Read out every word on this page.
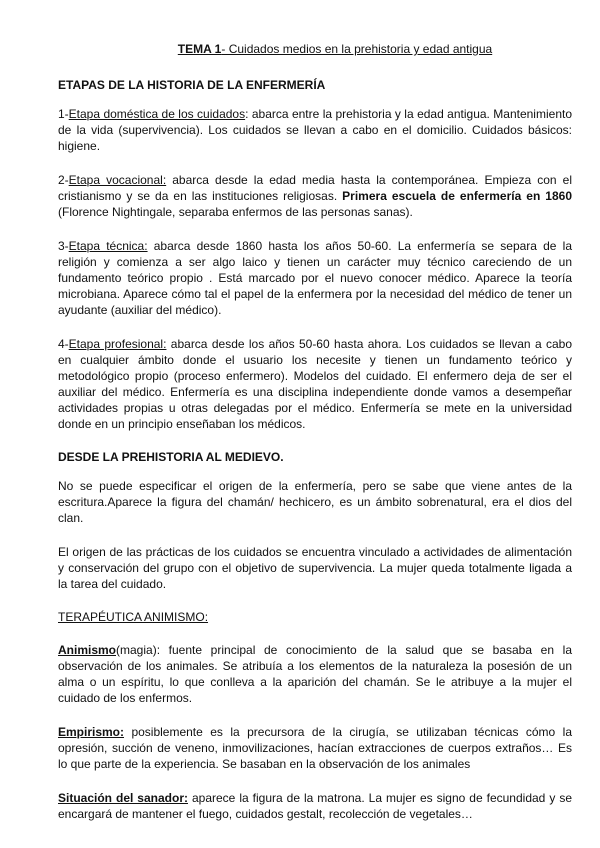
TEMA 1- Cuidados medios en la prehistoria y edad antigua
ETAPAS DE LA HISTORIA DE LA ENFERMERÍA

1-Etapa doméstica de los cuidados: abarca entre la prehistoria y la edad antigua. Mantenimiento de la vida (supervivencia). Los cuidados se llevan a cabo en el domicilio. Cuidados básicos: higiene.

2-Etapa vocacional: abarca desde la edad media hasta la contemporánea. Empieza con el cristianismo y se da en las instituciones religiosas. Primera escuela de enfermería en 1860 (Florence Nightingale, separaba enfermos de las personas sanas).

3-Etapa técnica: abarca desde 1860 hasta los años 50-60. La enfermería se separa de la religión y comienza a ser algo laico y tienen un carácter muy técnico careciendo de un fundamento teórico propio . Está marcado por el nuevo conocer médico. Aparece la teoría microbiana. Aparece cómo tal el papel de la enfermera por la necesidad del médico de tener un ayudante (auxiliar del médico).

4-Etapa profesional: abarca desde los años 50-60 hasta ahora. Los cuidados se llevan a cabo en cualquier ámbito donde el usuario los necesite y tienen un fundamento teórico y metodológico propio (proceso enfermero). Modelos del cuidado. El enfermero deja de ser el auxiliar del médico. Enfermería es una disciplina independiente donde vamos a desempeñar actividades propias u otras delegadas por el médico. Enfermería se mete en la universidad donde en un principio enseñaban los médicos.

DESDE LA PREHISTORIA AL MEDIEVO.

No se puede especificar el origen de la enfermería, pero se sabe que viene antes de la escritura.Aparece la figura del chamán/ hechicero, es un ámbito sobrenatural, era el dios del clan.

El origen de las prácticas de los cuidados se encuentra vinculado a actividades de alimentación y conservación del grupo con el objetivo de supervivencia. La mujer queda totalmente ligada a la tarea del cuidado.

TERAPÉUTICA ANIMISMO:

Animismo(magia): fuente principal de conocimiento de la salud que se basaba en la observación de los animales. Se atribuía a los elementos de la naturaleza la posesión de un alma o un espíritu, lo que conlleva a la aparición del chamán. Se le atribuye a la mujer el cuidado de los enfermos.

Empirismo: posiblemente es la precursora de la cirugía, se utilizaban técnicas cómo la opresión, succión de veneno, inmovilizaciones, hacían extracciones de cuerpos extraños… Es lo que parte de la experiencia. Se basaban en la observación de los animales

Situación del sanador: aparece la figura de la matrona. La mujer es signo de fecundidad y se encargará de mantener el fuego, cuidados gestalt, recolección de vegetales…
